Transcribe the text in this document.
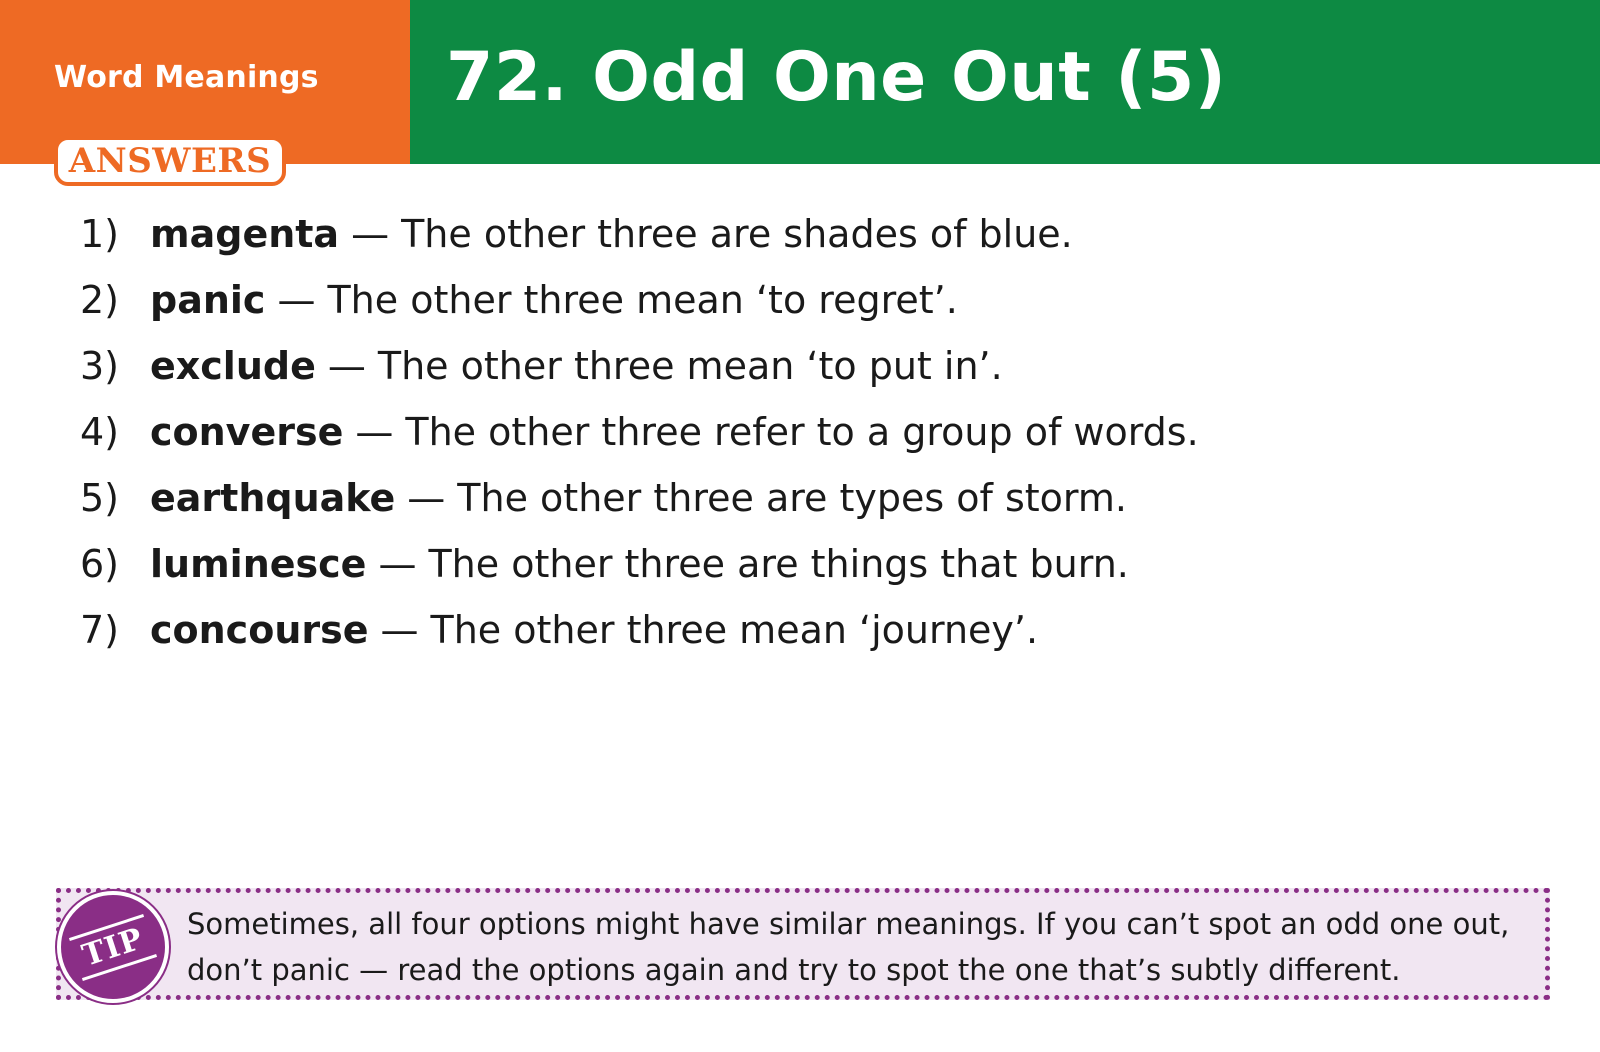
Word Meanings 72. Odd One Out (5)
ANSWERS
1) magenta — The other three are shades of blue.
2) panic — The other three mean ‘to regret’.
3) exclude — The other three mean ‘to put in’.
4) converse — The other three refer to a group of words.
5) earthquake — The other three are types of storm.
6) luminesce — The other three are things that burn.
7) concourse — The other three mean ‘journey’.
TIP	Sometimes, all four options might have similar meanings. If you can’t spot an odd one out,
don’t panic — read the options again and try to spot the one that’s subtly different.
